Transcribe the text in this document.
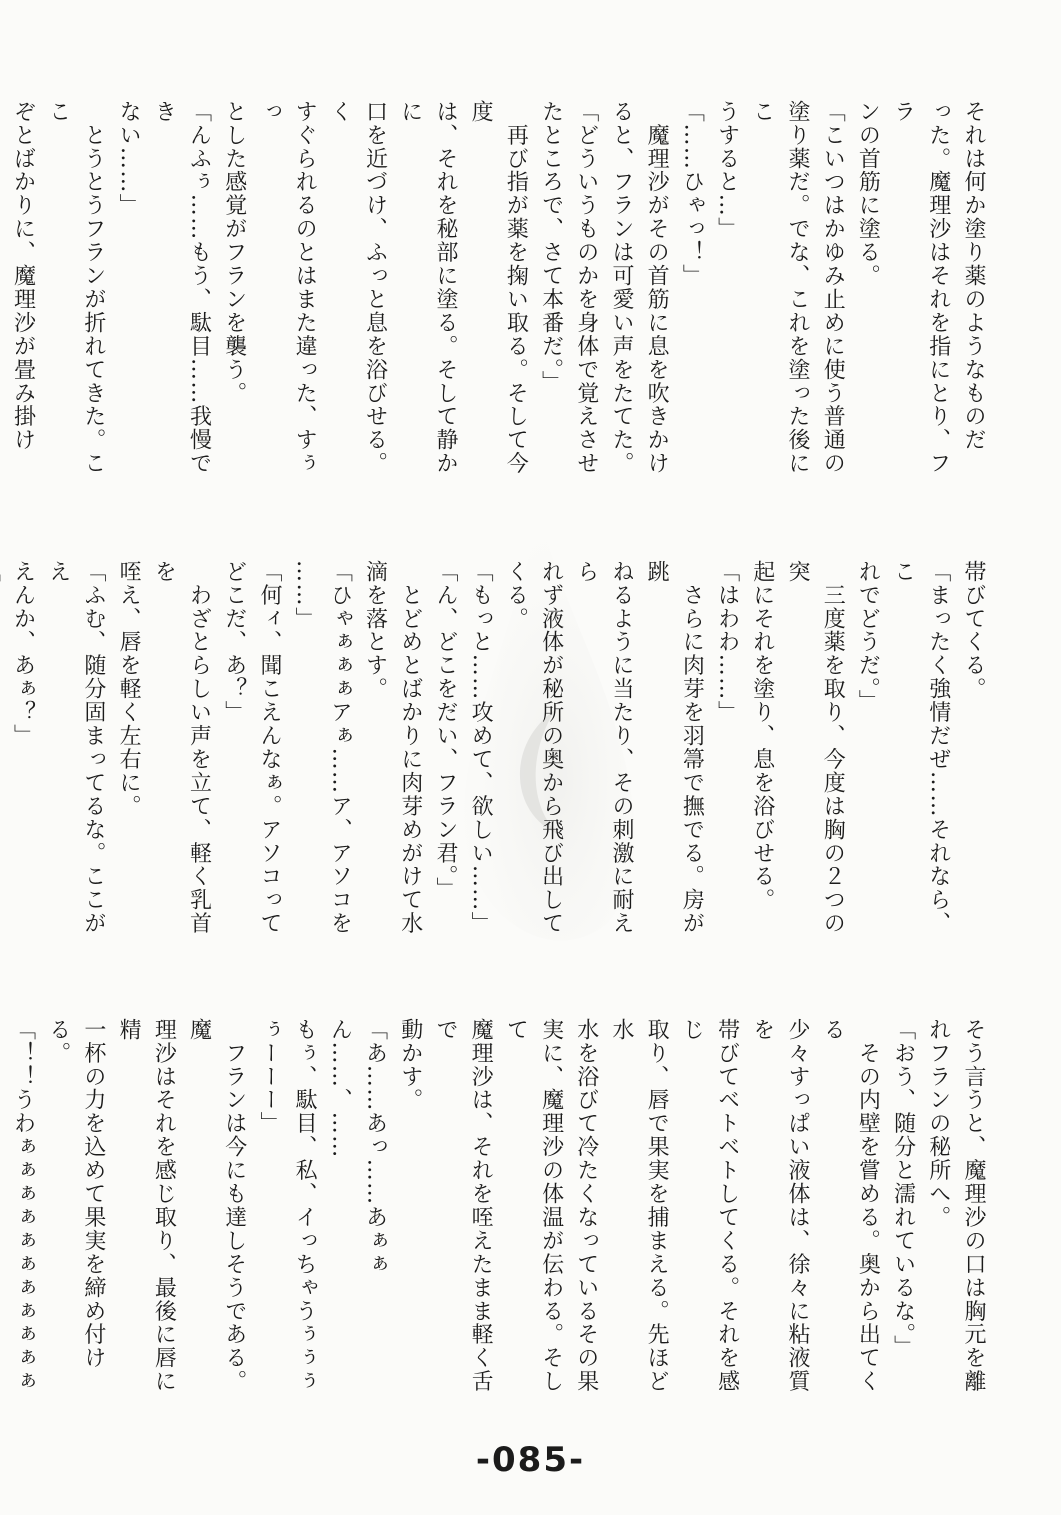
それは何か塗り薬のようなものだ
った。魔理沙はそれを指にとり、フラ
ンの首筋に塗る。
「こいつはかゆみ止めに使う普通の
塗り薬だ。でな、これを塗った後にこ
うすると…」
「……ひゃっ！」
　魔理沙がその首筋に息を吹きかけ
ると、フランは可愛い声をたてた。
「どういうものかを身体で覚えさせ
たところで、さて本番だ。」
　再び指が薬を掬い取る。そして今度
は、それを秘部に塗る。そして静かに
口を近づけ、ふっと息を浴びせる。く
すぐられるのとはまた違った、すぅっ
とした感覚がフランを襲う。
「んふぅ……もう、駄目……我慢でき
ない……」
　とうとうフランが折れてきた。ここ
ぞとばかりに、魔理沙が畳み掛け
帯びてくる。
「まったく強情だぜ……それなら、こ
れでどうだ。」
　三度薬を取り、今度は胸の２つの突
起にそれを塗り、息を浴びせる。
「はわわ……」
　さらに肉芽を羽箒で撫でる。房が跳
ねるように当たり、その刺激に耐えら
れず液体が秘所の奥から飛び出して
くる。
「もっと……攻めて、欲しい……」
「ん、どこをだい、フラン君。」
　とどめとばかりに肉芽めがけて水
滴を落とす。
「ひゃぁぁぁアぁ……ア、アソコを
……」
「何ィ、聞こえんなぁ。アソコって
どこだ、あ？」
　わざとらしい声を立て、軽く乳首を
咥え、唇を軽く左右に。
「ふむ、随分固まってるな。ここがえ
えんか、あぁ？」
そう言うと、魔理沙の口は胸元を離
れフランの秘所へ。
「おう、随分と濡れているな。」
　その内壁を嘗める。奥から出てくる
少々すっぱい液体は、徐々に粘液質を
帯びてベトベトしてくる。それを感じ
取り、唇で果実を捕まえる。先ほど水
水を浴びて冷たくなっているその果
実に、魔理沙の体温が伝わる。そして
魔理沙は、それを咥えたまま軽く舌で
動かす。
「あ……あっ……あぁぁん……、……
もぅ、駄目、私、イっちゃうぅぅぅ
ぅーーー」
　フランは今にも達しそうである。魔
理沙はそれを感じ取り、最後に唇に精
一杯の力を込めて果実を締め付ける。
「！！うわぁぁぁぁぁぁぁぁぁぁぁ

-085-
